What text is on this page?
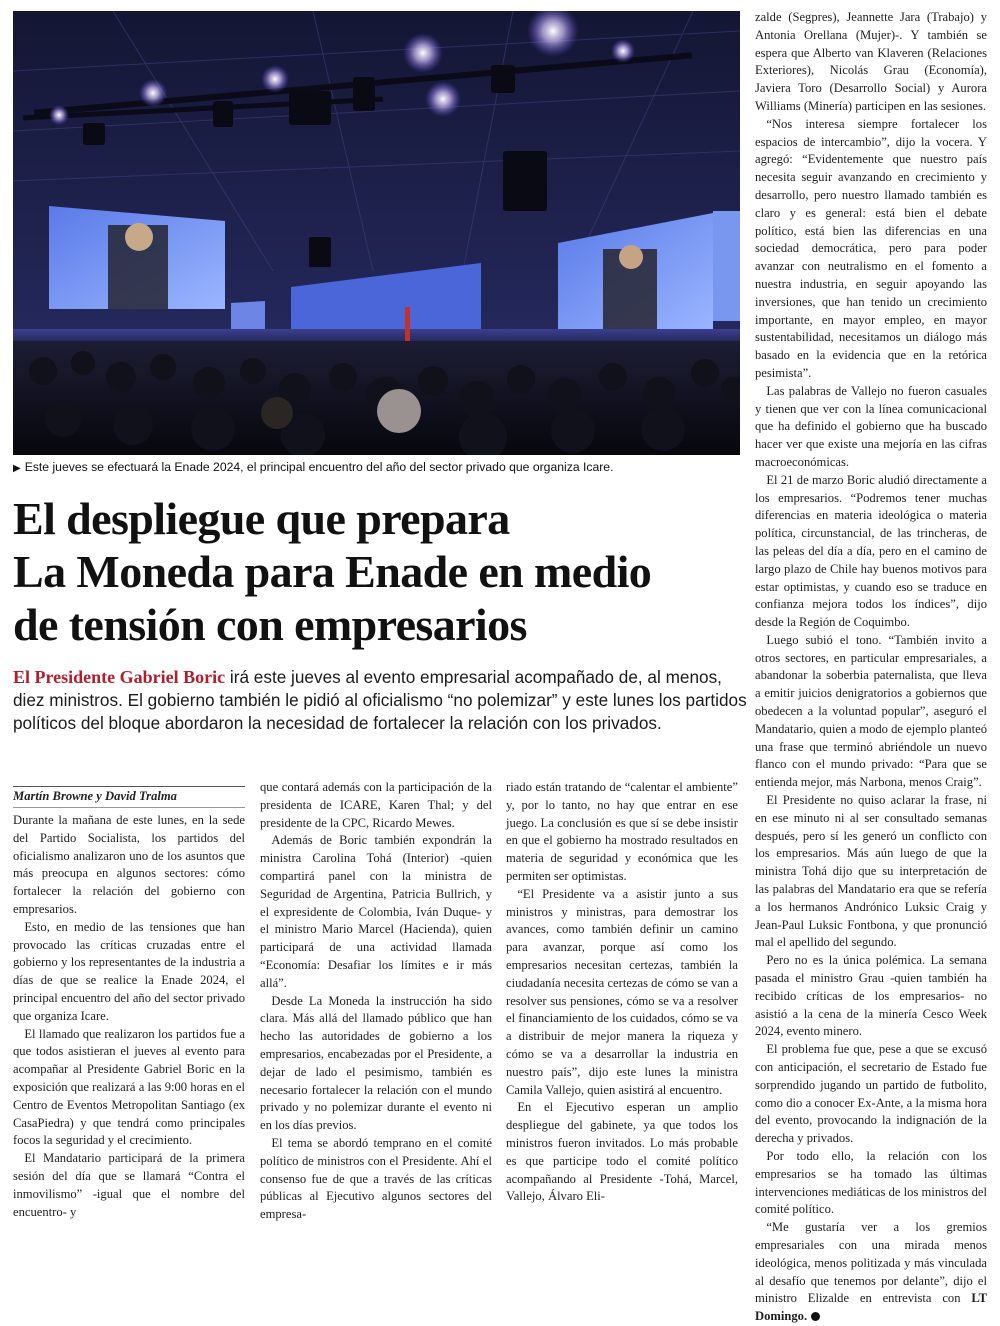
▶ Este jueves se efectuará la Enade 2024, el principal encuentro del año del sector privado que organiza Icare.
El despliegue que prepara
La Moneda para Enade en medio
de tensión con empresarios

El Presidente Gabriel Boric irá este jueves al evento empresarial acompañado de, al menos, diez ministros. El gobierno también le pidió al oficialismo “no polemizar” y este lunes los partidos políticos del bloque abordaron la necesidad de fortalecer la relación con los privados.

Martín Browne y David Tralma

Durante la mañana de este lunes, en la sede del Partido Socialista, los partidos del oficialismo analizaron uno de los asuntos que más preocupa en algunos sectores: cómo fortalecer la relación del gobierno con empresarios.

Esto, en medio de las tensiones que han provocado las críticas cruzadas entre el gobierno y los representantes de la industria a días de que se realice la Enade 2024, el principal encuentro del año del sector privado que organiza Icare.

El llamado que realizaron los partidos fue a que todos asistieran el jueves al evento para acompañar al Presidente Gabriel Boric en la exposición que realizará a las 9:00 horas en el Centro de Eventos Metropolitan Santiago (ex CasaPiedra) y que tendrá como principales focos la seguridad y el crecimiento.

El Mandatario participará de la primera sesión del día que se llamará “Contra el inmovilismo” -igual que el nombre del encuentro- y

que contará además con la participación de la presidenta de ICARE, Karen Thal; y del presidente de la CPC, Ricardo Mewes.

Además de Boric también expondrán la ministra Carolina Tohá (Interior) -quien compartirá panel con la ministra de Seguridad de Argentina, Patricia Bullrich, y el expresidente de Colombia, Iván Duque- y el ministro Mario Marcel (Hacienda), quien participará de una actividad llamada “Economía: Desafiar los límites e ir más allá”.

Desde La Moneda la instrucción ha sido clara. Más allá del llamado público que han hecho las autoridades de gobierno a los empresarios, encabezadas por el Presidente, a dejar de lado el pesimismo, también es necesario fortalecer la relación con el mundo privado y no polemizar durante el evento ni en los días previos.

El tema se abordó temprano en el comité político de ministros con el Presidente. Ahí el consenso fue de que a través de las críticas públicas al Ejecutivo algunos sectores del empresa-

riado están tratando de “calentar el ambiente” y, por lo tanto, no hay que entrar en ese juego. La conclusión es que sí se debe insistir en que el gobierno ha mostrado resultados en materia de seguridad y económica que les permiten ser optimistas.

“El Presidente va a asistir junto a sus ministros y ministras, para demostrar los avances, como también definir un camino para avanzar, porque así como los empresarios necesitan certezas, también la ciudadanía necesita certezas de cómo se van a resolver sus pensiones, cómo se va a resolver el financiamiento de los cuidados, cómo se va a distribuir de mejor manera la riqueza y cómo se va a desarrollar la industria en nuestro país”, dijo este lunes la ministra Camila Vallejo, quien asistirá al encuentro.

En el Ejecutivo esperan un amplio despliegue del gabinete, ya que todos los ministros fueron invitados. Lo más probable es que participe todo el comité político acompañando al Presidente -Tohá, Marcel, Vallejo, Álvaro Eli-

zalde (Segpres), Jeannette Jara (Trabajo) y Antonia Orellana (Mujer)-. Y también se espera que Alberto van Klaveren (Relaciones Exteriores), Nicolás Grau (Economía), Javiera Toro (Desarrollo Social) y Aurora Williams (Minería) participen en las sesiones.

“Nos interesa siempre fortalecer los espacios de intercambio”, dijo la vocera. Y agregó: “Evidentemente que nuestro país necesita seguir avanzando en crecimiento y desarrollo, pero nuestro llamado también es claro y es general: está bien el debate político, está bien las diferencias en una sociedad democrática, pero para poder avanzar con neutralismo en el fomento a nuestra industria, en seguir apoyando las inversiones, que han tenido un crecimiento importante, en mayor empleo, en mayor sustentabilidad, necesitamos un diálogo más basado en la evidencia que en la retórica pesimista”.

Las palabras de Vallejo no fueron casuales y tienen que ver con la línea comunicacional que ha definido el gobierno que ha buscado hacer ver que existe una mejoría en las cifras macroeconómicas.

El 21 de marzo Boric aludió directamente a los empresarios. “Podremos tener muchas diferencias en materia ideológica o materia política, circunstancial, de las trincheras, de las peleas del día a día, pero en el camino de largo plazo de Chile hay buenos motivos para estar optimistas, y cuando eso se traduce en confianza mejora todos los índices”, dijo desde la Región de Coquimbo.

Luego subió el tono. “También invito a otros sectores, en particular empresariales, a abandonar la soberbia paternalista, que lleva a emitir juicios denigratorios a gobiernos que obedecen a la voluntad popular”, aseguró el Mandatario, quien a modo de ejemplo planteó una frase que terminó abriéndole un nuevo flanco con el mundo privado: “Para que se entienda mejor, más Narbona, menos Craig”.

El Presidente no quiso aclarar la frase, ni en ese minuto ni al ser consultado semanas después, pero sí les generó un conflicto con los empresarios. Más aún luego de que la ministra Tohá dijo que su interpretación de las palabras del Mandatario era que se refería a los hermanos Andrónico Luksic Craig y Jean-Paul Luksic Fontbona, y que pronunció mal el apellido del segundo.

Pero no es la única polémica. La semana pasada el ministro Grau -quien también ha recibido críticas de los empresarios- no asistió a la cena de la minería Cesco Week 2024, evento minero.

El problema fue que, pese a que se excusó con anticipación, el secretario de Estado fue sorprendido jugando un partido de futbolito, como dio a conocer Ex-Ante, a la misma hora del evento, provocando la indignación de la derecha y privados.

Por todo ello, la relación con los empresarios se ha tomado las últimas intervenciones mediáticas de los ministros del comité político.

“Me gustaría ver a los gremios empresariales con una mirada menos ideológica, menos politizada y más vinculada al desafío que tenemos por delante”, dijo el ministro Elizalde en entrevista con LT Domingo.
